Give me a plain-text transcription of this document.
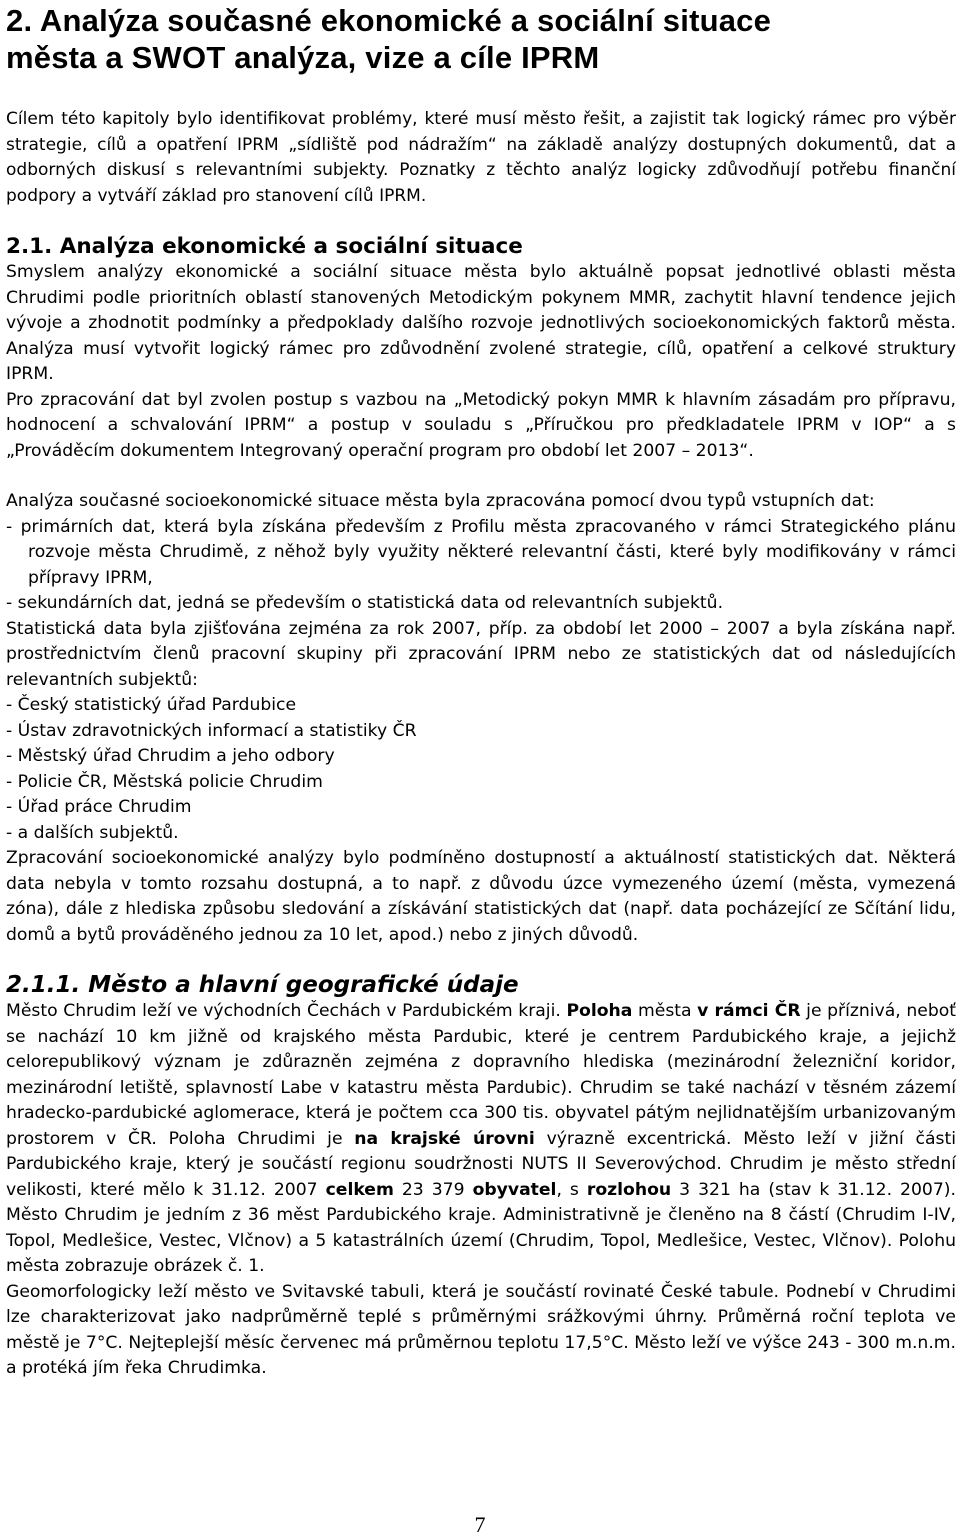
2. Analýza současné ekonomické a sociální situace
města a SWOT analýza, vize a cíle IPRM

Cílem této kapitoly bylo identifikovat problémy, které musí město řešit, a zajistit tak logický rámec pro výběr strategie, cílů a opatření IPRM „sídliště pod nádražím“ na základě analýzy dostupných dokumentů, dat a odborných diskusí s relevantními subjekty. Poznatky z těchto analýz logicky zdůvodňují potřebu finanční podpory a vytváří základ pro stanovení cílů IPRM.

2.1. Analýza ekonomické a sociální situace

Smyslem analýzy ekonomické a sociální situace města bylo aktuálně popsat jednotlivé oblasti města Chrudimi podle prioritních oblastí stanovených Metodickým pokynem MMR, zachytit hlavní tendence jejich vývoje a zhodnotit podmínky a předpoklady dalšího rozvoje jednotlivých socioekonomických faktorů města. Analýza musí vytvořit logický rámec pro zdůvodnění zvolené strategie, cílů, opatření a celkové struktury IPRM.

Pro zpracování dat byl zvolen postup s vazbou na „Metodický pokyn MMR k hlavním zásadám pro přípravu, hodnocení a schvalování IPRM“ a postup v souladu s „Příručkou pro předkladatele IPRM v IOP“ a s „Prováděcím dokumentem Integrovaný operační program pro období let 2007 – 2013“.

Analýza současné socioekonomické situace města byla zpracována pomocí dvou typů vstupních dat:

- primárních dat, která byla získána především z Profilu města zpracovaného v rámci Strategického plánu rozvoje města Chrudimě, z něhož byly využity některé relevantní části, které byly modifikovány v rámci přípravy IPRM,

- sekundárních dat, jedná se především o statistická data od relevantních subjektů.

Statistická data byla zjišťována zejména za rok 2007, příp. za období let 2000 – 2007 a byla získána např. prostřednictvím členů pracovní skupiny při zpracování IPRM nebo ze statistických dat od následujících relevantních subjektů:

- Český statistický úřad Pardubice

- Ústav zdravotnických informací a statistiky ČR

- Městský úřad Chrudim a jeho odbory

- Policie ČR, Městská policie Chrudim

- Úřad práce Chrudim

- a dalších subjektů.

Zpracování socioekonomické analýzy bylo podmíněno dostupností a aktuálností statistických dat. Některá data nebyla v tomto rozsahu dostupná, a to např. z důvodu úzce vymezeného území (města, vymezená zóna), dále z hlediska způsobu sledování a získávání statistických dat (např. data pocházející ze Sčítání lidu, domů a bytů prováděného jednou za 10 let, apod.) nebo z jiných důvodů.

2.1.1. Město a hlavní geografické údaje

Město Chrudim leží ve východních Čechách v Pardubickém kraji. Poloha města v rámci ČR je příznivá, neboť se nachází 10 km jižně od krajského města Pardubic, které je centrem Pardubického kraje, a jejichž celorepublikový význam je zdůrazněn zejména z dopravního hlediska (mezinárodní železniční koridor, mezinárodní letiště, splavností Labe v katastru města Pardubic). Chrudim se také nachází v těsném zázemí hradecko-pardubické aglomerace, která je počtem cca 300 tis. obyvatel pátým nejlidnatějším urbanizovaným prostorem v ČR. Poloha Chrudimi je na krajské úrovni výrazně excentrická. Město leží v jižní části Pardubického kraje, který je součástí regionu soudržnosti NUTS II Severovýchod. Chrudim je město střední velikosti, které mělo k 31.12. 2007 celkem 23 379 obyvatel, s rozlohou 3 321 ha (stav k 31.12. 2007). Město Chrudim je jedním z 36 měst Pardubického kraje. Administrativně je členěno na 8 částí (Chrudim I-IV, Topol, Medlešice, Vestec, Vlčnov) a 5 katastrálních území (Chrudim, Topol, Medlešice, Vestec, Vlčnov). Polohu města zobrazuje obrázek č. 1.

Geomorfologicky leží město ve Svitavské tabuli, která je součástí rovinaté České tabule. Podnebí v Chrudimi lze charakterizovat jako nadprůměrně teplé s průměrnými srážkovými úhrny. Průměrná roční teplota ve městě je 7°C. Nejteplejší měsíc červenec má průměrnou teplotu 17,5°C. Město leží ve výšce 243 - 300 m.n.m. a protéká jím řeka Chrudimka.

7
